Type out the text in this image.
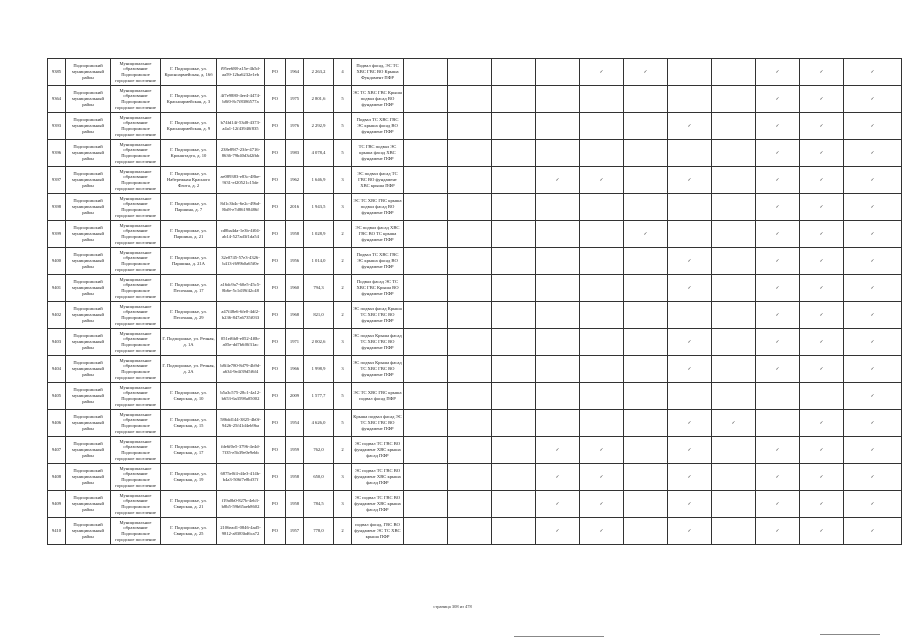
9385	Подпорожский муниципальный район	Муниципальное образование Подпорожское городское поселение	Г. Подпорожье, ул. Красноармейская, д. 16б	f95ee688-a15e-4b5d-aa59-12ba6232e1eb	РО	1964	2 263,2	4	Подвал фасад, ЭС ТС ХВС ГВС ВО Крыша Фундамент ПФР					✓	✓			✓	✓	✓
9364	Подпорожский муниципальный район	Муниципальное образование Подпорожское городское поселение	Г. Подпорожье, ул. Красноармейская, д. 3	4f7e9880-4ee4-4474-b8f0-8c7f8386577a	РО	1975	2 801,6	5	ЭС ТС ХВС ГВС Крыша подвал фасад ВО фундамент ПФР									✓	✓	✓
9393	Подпорожский муниципальный район	Муниципальное образование Подпорожское городское поселение	Г. Подпорожье, ул. Красноармейская, д. 9	b74fd14f-53d8-4373-a4a1-12f43940f835	РО	1976	2 292,9	5	Подвал ТС ХВС ГВС ЭС крыша фасад ВО фундамент ПФР							✓		✓	✓	✓
9396	Подпорожский муниципальный район	Муниципальное образование Подпорожское городское поселение	Г. Подпорожье, ул. Кронштадта, д. 10	238e89f7-23fe-4716-8636-79b40d3d2fbb	РО	1983	4 078,4	5	ТС ГВС подвал ЭС крыша фасад ХВС фундамент ПФР									✓	✓	✓
9397	Подпорожский муниципальный район	Муниципальное образование Подпорожское городское поселение	Г. Подпорожье, ул. Набережная Красного Флота, д. 2	ae089383-e83c-48be-9f31-ef20521c15de	РО	1962	1 646,9	3	ЭС подвал фасад ТС ГВС ВО фундамент ХВС крыша ПФР				✓	✓		✓		✓	✓	✓
9398	Подпорожский муниципальный район	Муниципальное образование Подпорожское городское поселение	Г. Подпорожье, ул. Паршина, д. 7	8d1c3b4c-6e2c-49bd-8bf8-e7d86198486f	РО	2016	1 943,5	3	ЭС ТС ХВС ГВС крыша подвал фасад ВО фундамент ПФР									✓	✓	✓
9399	Подпорожский муниципальный район	Муниципальное образование Подпорожское городское поселение	Г. Подпорожье, ул. Паршина, д. 21	cd8ba4da-1e3b-4f04-ab14-527ad3f1da54	РО	1958	1 028,9	2	ЭС подвал фасад ХВС ГВС ВО ТС крыша фундамент ПФР						✓			✓	✓	✓
9400	Подпорожский муниципальный район	Муниципальное образование Подпорожское городское поселение	Г. Подпорожье, ул. Паршина, д. 21А	32e0745-57e3-4326-b413-f699b0a65f0e	РО	1956	1 014,0	2	Подвал ТС ХВС ГВС ЭС крыша фасад ВО фундамент ПФР							✓		✓	✓	✓
9401	Подпорожский муниципальный район	Муниципальное образование Подпорожское городское поселение	Г. Подпорожье, ул. Песочная, д. 17	a16dc9a7-60e5-45c5-8b6e-5c1d39f42c48	РО	1960	794,3	2	Подвал фасад ЭС ТС ХВС ГВС Крыша ВО фундамент ПФР							✓		✓	✓	✓
9402	Подпорожский муниципальный район	Муниципальное образование Подпорожское городское поселение	Г. Подпорожье, ул. Песочная, д. 29	a47f48e6-6fe0-4df2-b236-847a6735f033	РО	1968	821,0	2	ЭС подвал фасад Крыша ТС ХВС ГВС ВО фундамент ПФР									✓	✓	✓
9403	Подпорожский муниципальный район	Муниципальное образование Подпорожское городское поселение	Г. Подпорожье, ул. Речная, д. 1А	051ef6b8-e052-4f0b-a05e-dd7b6f0f31ac	РО	1971	2 002,6	3	ЭС подвал Крыша фасад ТС ХВС ГВС ВО фундамент ПФР							✓		✓	✓	✓
9404	Подпорожский муниципальный район	Муниципальное образование Подпорожское городское поселение	Г. Подпорожье, ул. Речная, д. 2А	b8f4e780-8d79-4b9d-a634-9e4f39d5f6f4	РО	1966	1 998,9	3	ЭС подвал Крыша фасад ТС ХВС ГВС ВО фундамент ПФР							✓		✓	✓	✓
9405	Подпорожский муниципальный район	Муниципальное образование Подпорожское городское поселение	Г. Подпорожье, ул. Свирская, д. 10	b5a3c575-28c1-4a12-b653-6a3598a05002	РО	2009	1 577,7	5	ЭС ТС ХВС ГВС крыша подвал фасад ПФР											✓
9406	Подпорожский муниципальный район	Муниципальное образование Подпорожское городское поселение	Г. Подпорожье, ул. Свирская, д. 15	586dd144-3825-4b0f-9426-25f41d4eb9ba	РО	1954	4 626,0	5	Крыша подвал фасад ЭС ТС ХВС ГВС ВО фундамент ПФР							✓	✓		✓	✓
9407	Подпорожский муниципальный район	Муниципальное образование Подпорожское городское поселение	Г. Подпорожье, ул. Свирская, д. 17	fde6f0e5-3796-4e4d-7f35-e5b39e0e9ebb	РО	1959	762,0	2	ЭС подвал ТС ГВС ВО фундамент ХВС крыша фасад ПФР				✓	✓		✓		✓	✓	✓
9408	Подпорожский муниципальный район	Муниципальное образование Подпорожское городское поселение	Г. Подпорожье, ул. Свирская, д. 19	6875e0f4-d4e3-414b-b4a3-506f7e8bf37f	РО	1958	650,0	3	ЭС подвал ТС ГВС ВО фундамент ХВС крыша фасад ПФР				✓	✓		✓		✓	✓	✓
9409	Подпорожский муниципальный район	Муниципальное образование Подпорожское городское поселение	Г. Подпорожье, ул. Свирская, д. 21	f19a0b0-827b-4eb3-b8b5-59b65aeb8602	РО	1958	784,5	3	ЭС подвал ТС ГВС ВО фундамент ХВС крыша фасад ПФР				✓	✓		✓		✓	✓	✓
9410	Подпорожский муниципальный район	Муниципальное образование Подпорожское городское поселение	Г. Подпорожье, ул. Свирская, д. 25	2106ead1-0846-4ad5-9812-a8383bd6ca72	РО	1957	778,0	2	подвал фасад, ГВС ВО фундамент ЭС ТС ХВС крыша ПФР				✓	✓		✓		✓	✓	✓
страница 308 из 478
